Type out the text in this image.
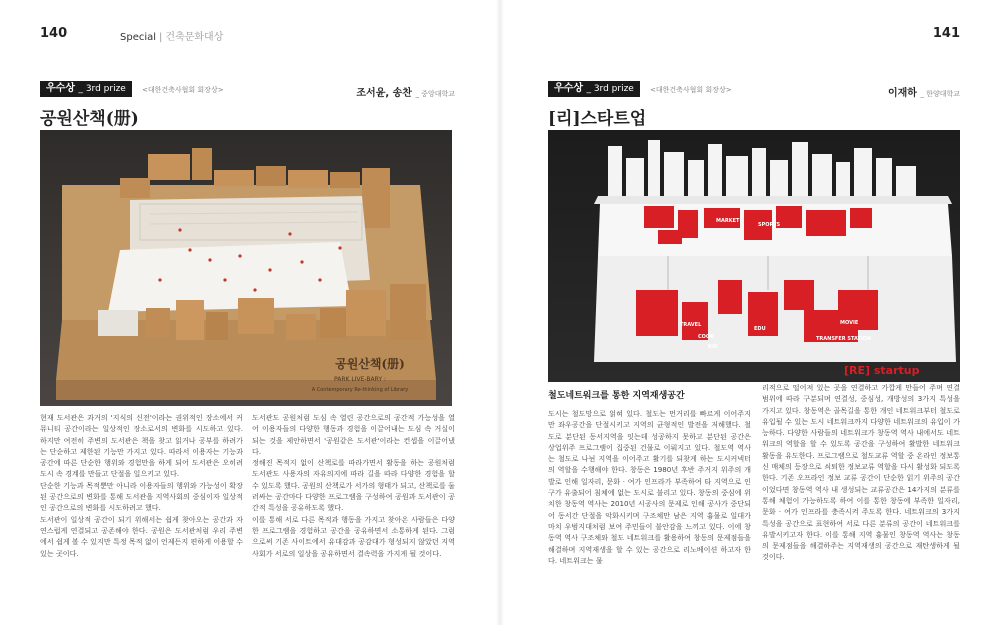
140	Special | 건축문화대상
우수상 _ 3rd prize	<대한건축사협회 회장상>	조서윤, 송찬 _ 중앙대학교
공원산책(册)
공원산책(册)
PARK LIVE-BARY :
A Contemporary Re-thinking of Library

현재 도서관은 과거의 '지식의 신전'이라는 권위적인 장소에서 커뮤니티 공간이라는 일상적인 장소로서의 변화를 시도하고 있다. 하지만 여전히 주변의 도서관은 책을 찾고 읽거나 공부를 하려가는 단순하고 제한된 기능만 가지고 있다. 따라서 이용자는 기능과 공간에 따른 단순한 행위와 경험만을 하게 되어 도서관은 오히려 도시 속 경계를 만들고 단절을 일으키고 있다.
단순한 기능과 목적뿐만 아니라 이용자들의 행위와 가능성이 확장된 공간으로의 변화를 통해 도서관을 지역사회의 중심이자 일상적인 공간으로의 변화를 시도하려고 했다.
도서관이 일상적 공간이 되기 위해서는 쉽게 찾아오는 공간과 자연스럽게 연결되고 공존해야 한다. 공원은 도서관처럼 우리 주변에서 쉽게 볼 수 있지만 특정 목적 없이 언제든지 편하게 이용할 수 있는 곳이다.

도서관도 공원처럼 도심 속 열린 공간으로의 공간적 가능성을 열어 이용자들의 다양한 행동과 경험을 이끌어내는 도심 속 거실이 되는 것을 제안하면서 '공원같은 도서관'이라는 컨셉을 이끌어냈다.
정해진 목적지 없이 산책로를 따라가면서 활동을 하는 공원처럼 도서관도 사용자의 자유의지에 따라 길을 따라 다양한 경험을 할 수 있도록 했다. 공원의 산책로가 서가의 형태가 되고, 산책로를 둘러싸는 공간마다 다양한 프로그램을 구성하여 공원과 도서관이 공간적 특성을 공유하도록 했다.
이를 통해 서로 다른 목적과 행동을 가지고 찾아온 사람들은 다양한 프로그램을 경험하고 공간을 공유하면서 소통하게 된다. 그럼으로써 기존 사이트에서 유대감과 공감대가 형성되지 않았던 지역사회가 서로의 일상을 공유하면서 결속력을 가지게 될 것이다.

141
우수상 _ 3rd prize	<대한건축사협회 회장상>	이재하 _ 한양대학교
[리]스타트업
TRAVEL
COOK
KID
EDU
MOVIE
TRANSFER STATION
SPORTS
MARKET
[RE] startup
철도네트워크를 통한 지역재생공간

도시는 철도망으로 얽혀 있다. 철도는 먼거리를 빠르게 이어주지만 좌우공간을 단절시키고 지역의 균형적인 발전을 저해했다. 철도로 분단된 동서지역을 잇는데 성공하지 못하고 분단된 공간은 상업위주 프로그램이 집중된 건물로 이뤄지고 있다. 철도역 역사는 철도로 나뉜 지역을 이어주고 활기를 되찾게 하는 도시커넥터의 역할을 수행해야 한다. 창동은 1980년 후반 주거지 위주의 개발로 인해 일자리, 문화 · 여가 인프라가 부족하여 타 지역으로 인구가 유출되어 침체에 없는 도시로 불리고 있다. 창동의 중심에 위치한 창동역 역사는 2010년 시공사의 문제로 인해 공사가 중단되어 동서간 단절을 악화시키며 구조체만 남은 지역 흉물로 일대가 마치 우범지대처럼 보여 주민들이 불안감을 느끼고 있다. 이에 창동역 역사 구조체와 철도 네트워크를 활용하여 창동의 문제점들을 해결하며 지역재생을 할 수 있는 공간으로 리노베이션 하고자 한다. 네트워크는 물

리적으로 떨어져 있는 곳을 연결하고 가깝게 만들어 주며 연결 범위에 따라 구분되며 연결성, 중심성, 개방성의 3가지 특성을 가지고 있다. 창동역은 골목길을 통한 개인 네트워크부터 철도로 유입될 수 있는 도시 네트워크까지 다양한 네트워크의 유입이 가능하다. 다양한 사람들의 네트워크가 창동역 역사 내에서도 네트워크의 역할을 할 수 있도록 공간을 구성하여 활발한 네트워크 활동을 유도한다. 프로그램으로 철도교류 역할 중 온라인 정보통신 매체의 등장으로 쇠퇴한 정보교류 역할을 다시 활성화 되도록 한다. 기존 오프라인 정보 교류 공간이 단순한 읽기 위주의 공간이었다면 창동역 역사 내 생성되는 교류공간은 14가지의 분류를 통해 체험이 가능하도록 하여 이를 통한 창동에 부족한 일자리, 문화 · 여가 인프라를 충족시켜 주도록 한다. 네트워크의 3가지 특성을 공간으로 표현하여 서로 다른 분류의 공간이 네트워크를 유발시키고자 한다. 이를 통해 지역 흉물인 창동역 역사는 창동의 문제점들을 해결하주는 지역재생의 공간으로 재탄생하게 될 것이다.
